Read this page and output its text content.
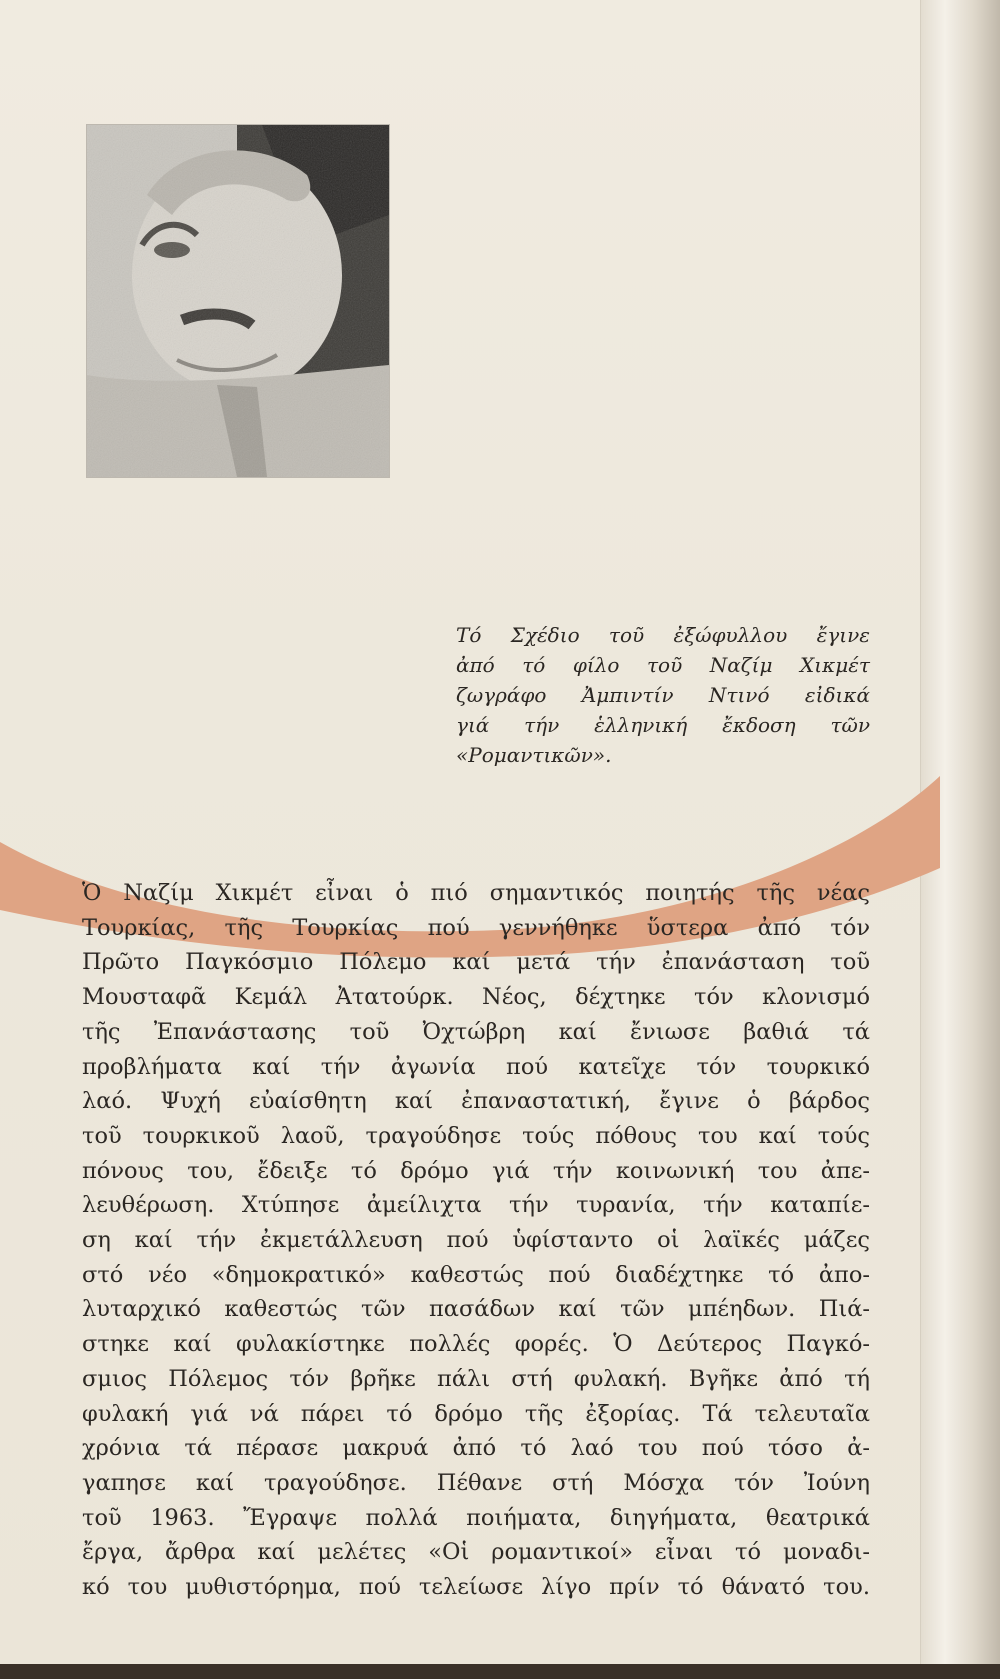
Τό Σχέδιο τοῦ ἐξώφυλλου ἔγινε
ἀπό τό φίλο τοῦ Ναζίμ Χικμέτ
ζωγράφο Ἀμπιντίν Ντινό εἰδικά
γιά τήν ἑλληνική ἔκδοση τῶν
«Ρομαντικῶν».
Ὁ Ναζίμ Χικμέτ εἶναι ὁ πιό σημαντικός ποιητής τῆς νέας
Τουρκίας, τῆς Τουρκίας πού γεννήθηκε ὕστερα ἀπό τόν
Πρῶτο Παγκόσμιο Πόλεμο καί μετά τήν ἐπανάσταση τοῦ
Μουσταφᾶ Κεμάλ Ἀτατούρκ. Νέος, δέχτηκε τόν κλονισμό
τῆς Ἐπανάστασης τοῦ Ὀχτώβρη καί ἔνιωσε βαθιά τά
προβλήματα καί τήν ἀγωνία πού κατεῖχε τόν τουρκικό
λαό. Ψυχή εὐαίσθητη καί ἐπαναστατική, ἔγινε ὁ βάρδος
τοῦ τουρκικοῦ λαοῦ, τραγούδησε τούς πόθους του καί τούς
πόνους του, ἔδειξε τό δρόμο γιά τήν κοινωνική του ἀπε-
λευθέρωση. Χτύπησε ἀμείλιχτα τήν τυρανία, τήν καταπίε-
ση καί τήν ἐκμετάλλευση πού ὑφίσταντο οἱ λαϊκές μάζες
στό νέο «δημοκρατικό» καθεστώς πού διαδέχτηκε τό ἀπο-
λυταρχικό καθεστώς τῶν πασάδων καί τῶν μπέηδων. Πιά-
στηκε καί φυλακίστηκε πολλές φορές. Ὁ Δεύτερος Παγκό-
σμιος Πόλεμος τόν βρῆκε πάλι στή φυλακή. Βγῆκε ἀπό τή
φυλακή γιά νά πάρει τό δρόμο τῆς ἐξορίας. Τά τελευταῖα
χρόνια τά πέρασε μακρυά ἀπό τό λαό του πού τόσο ἀ-
γαπησε καί τραγούδησε. Πέθανε στή Μόσχα τόν Ἰούνη
τοῦ 1963. Ἔγραψε πολλά ποιήματα, διηγήματα, θεατρικά
ἔργα, ἄρθρα καί μελέτες «Οἱ ρομαντικοί» εἶναι τό μοναδι-
κό του μυθιστόρημα, πού τελείωσε λίγο πρίν τό θάνατό του.
